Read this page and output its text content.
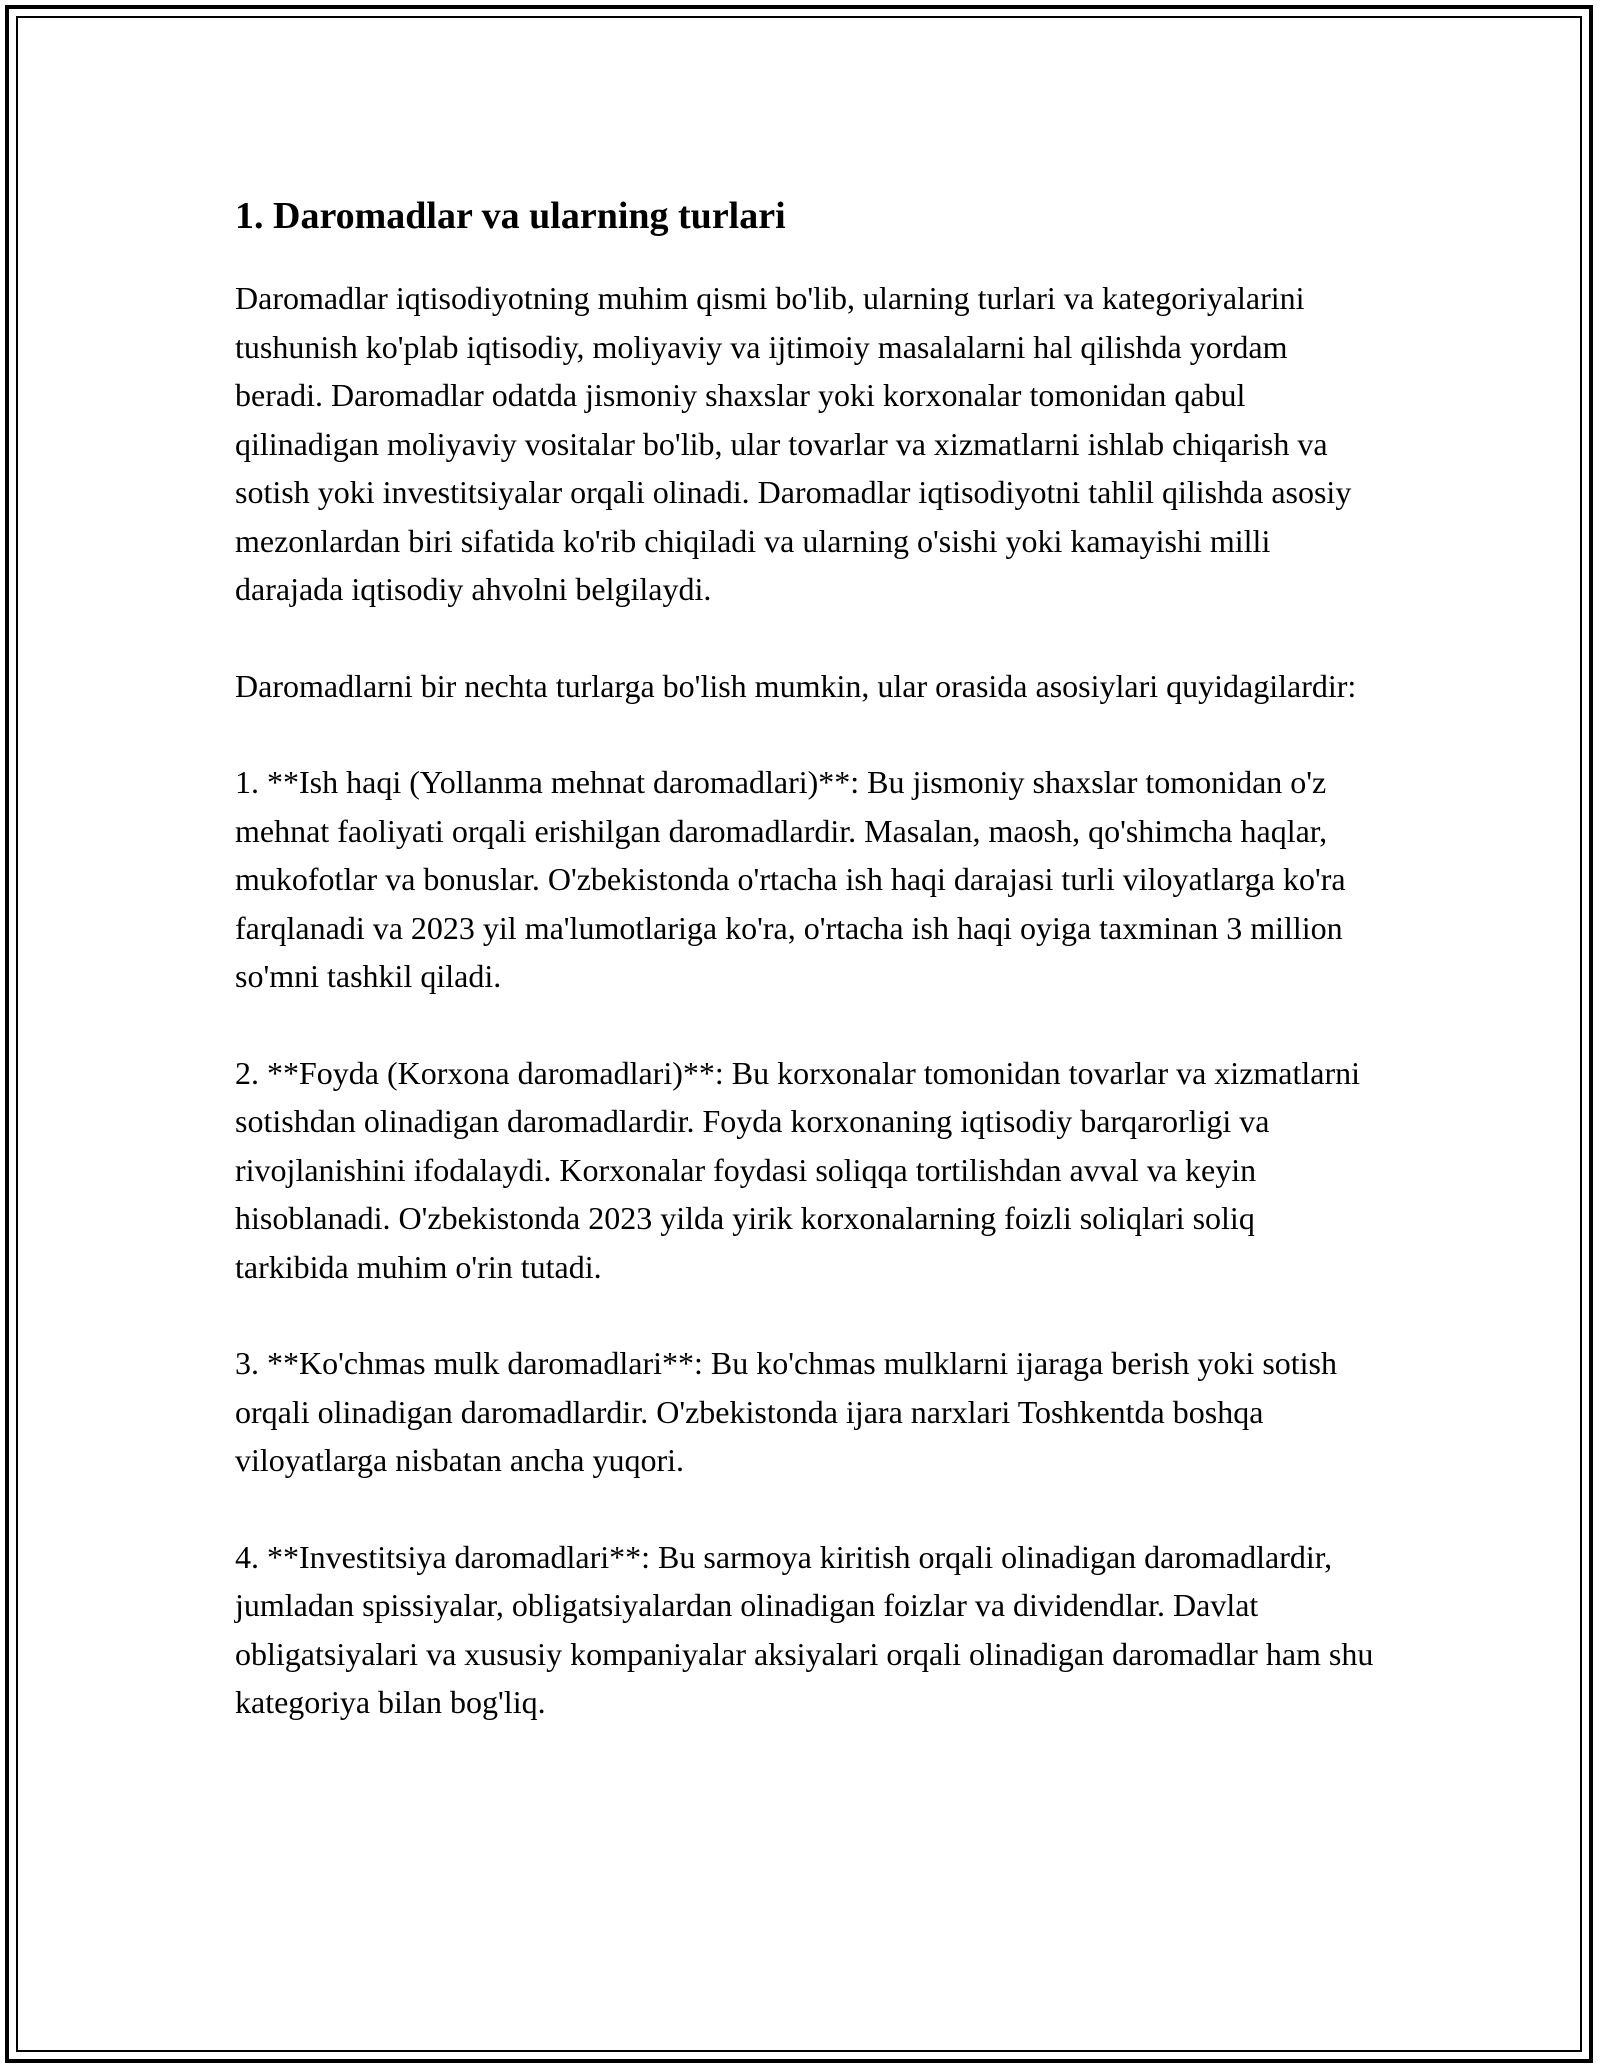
1. Daromadlar va ularning turlari

Daromadlar iqtisodiyotning muhim qismi bo'lib, ularning turlari va kategoriyalarini tushunish ko'plab iqtisodiy, moliyaviy va ijtimoiy masalalarni hal qilishda yordam beradi. Daromadlar odatda jismoniy shaxslar yoki korxonalar tomonidan qabul qilinadigan moliyaviy vositalar bo'lib, ular tovarlar va xizmatlarni ishlab chiqarish va sotish yoki investitsiyalar orqali olinadi. Daromadlar iqtisodiyotni tahlil qilishda asosiy mezonlardan biri sifatida ko'rib chiqiladi va ularning o'sishi yoki kamayishi milli darajada iqtisodiy ahvolni belgilaydi.

Daromadlarni bir nechta turlarga bo'lish mumkin, ular orasida asosiylari quyidagilardir:

1. **Ish haqi (Yollanma mehnat daromadlari)**: Bu jismoniy shaxslar tomonidan o'z mehnat faoliyati orqali erishilgan daromadlardir. Masalan, maosh, qo'shimcha haqlar, mukofotlar va bonuslar. O'zbekistonda o'rtacha ish haqi darajasi turli viloyatlarga ko'ra farqlanadi va 2023 yil ma'lumotlariga ko'ra, o'rtacha ish haqi oyiga taxminan 3 million so'mni tashkil qiladi.

2. **Foyda (Korxona daromadlari)**: Bu korxonalar tomonidan tovarlar va xizmatlarni sotishdan olinadigan daromadlardir. Foyda korxonaning iqtisodiy barqarorligi va rivojlanishini ifodalaydi. Korxonalar foydasi soliqqa tortilishdan avval va keyin hisoblanadi. O'zbekistonda 2023 yilda yirik korxonalarning foizli soliqlari soliq tarkibida muhim o'rin tutadi.

3. **Ko'chmas mulk daromadlari**: Bu ko'chmas mulklarni ijaraga berish yoki sotish orqali olinadigan daromadlardir. O'zbekistonda ijara narxlari Toshkentda boshqa viloyatlarga nisbatan ancha yuqori.

4. **Investitsiya daromadlari**: Bu sarmoya kiritish orqali olinadigan daromadlardir, jumladan spissiyalar, obligatsiyalardan olinadigan foizlar va dividendlar. Davlat obligatsiyalari va xususiy kompaniyalar aksiyalari orqali olinadigan daromadlar ham shu kategoriya bilan bog'liq.
